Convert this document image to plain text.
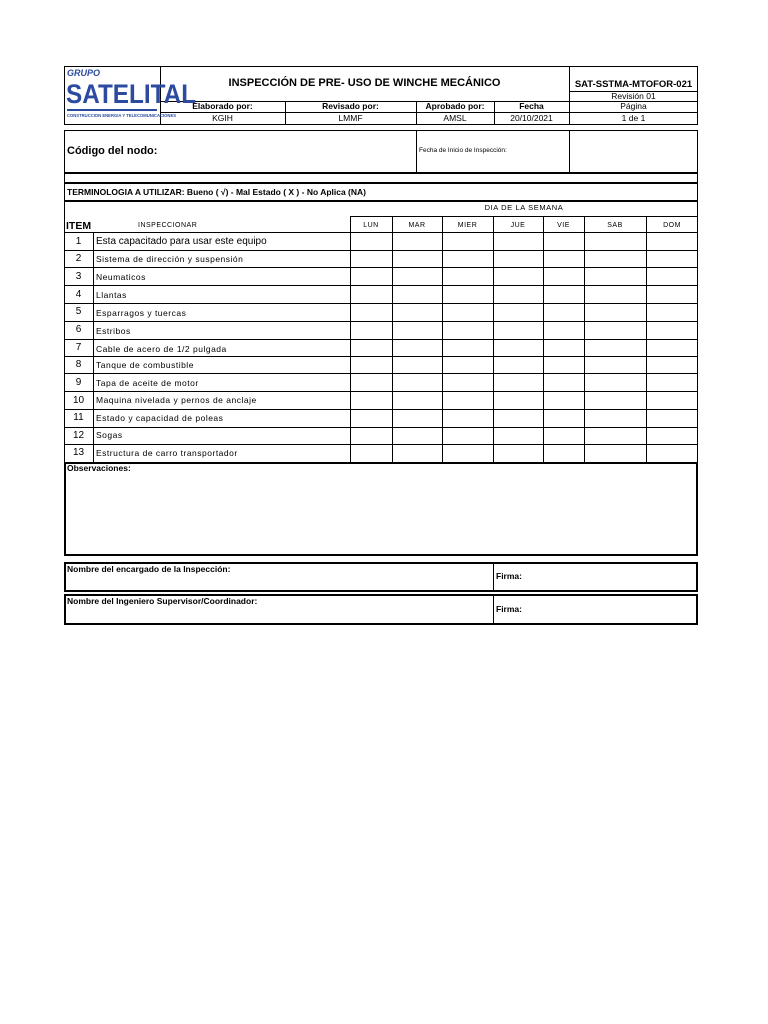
GRUPO
SATELITAL
CONSTRUCCION ENERGIA Y TELECOMUNICACIONES
INSPECCIÓN DE PRE- USO DE WINCHE MECÁNICO	SAT-SSTMA-MTOFOR-021
Revisión 01
Página
1 de 1
Elaborado por:
KGIH
Revisado por:
LMMF
Aprobado por:
AMSL
Fecha
20/10/2021
Código del nodo:	Fecha de Inicio de Inspección:
TERMINOLOGIA A UTILIZAR: Bueno ( √) - Mal Estado ( X ) - No Aplica (NA)
DIA DE LA SEMANA
ITEM	INSPECCIONAR	LUN	MAR	MIER	JUE	VIE	SAB	DOM
1	Esta capacitado para usar este equipo
2	Sistema de dirección y suspensión
3	Neumaticos
4	Llantas
5	Esparragos y tuercas
6	Estribos
7	Cable de acero de 1/2 pulgada
8	Tanque de combustible
9	Tapa de aceite de motor
10	Maquina nivelada y pernos de anclaje
11	Estado y capacidad de poleas
12	Sogas
13	Estructura de carro transportador
Observaciones:
Nombre del encargado de la Inspección:
Firma:
Nombre del Ingeniero Supervisor/Coordinador:
Firma:
